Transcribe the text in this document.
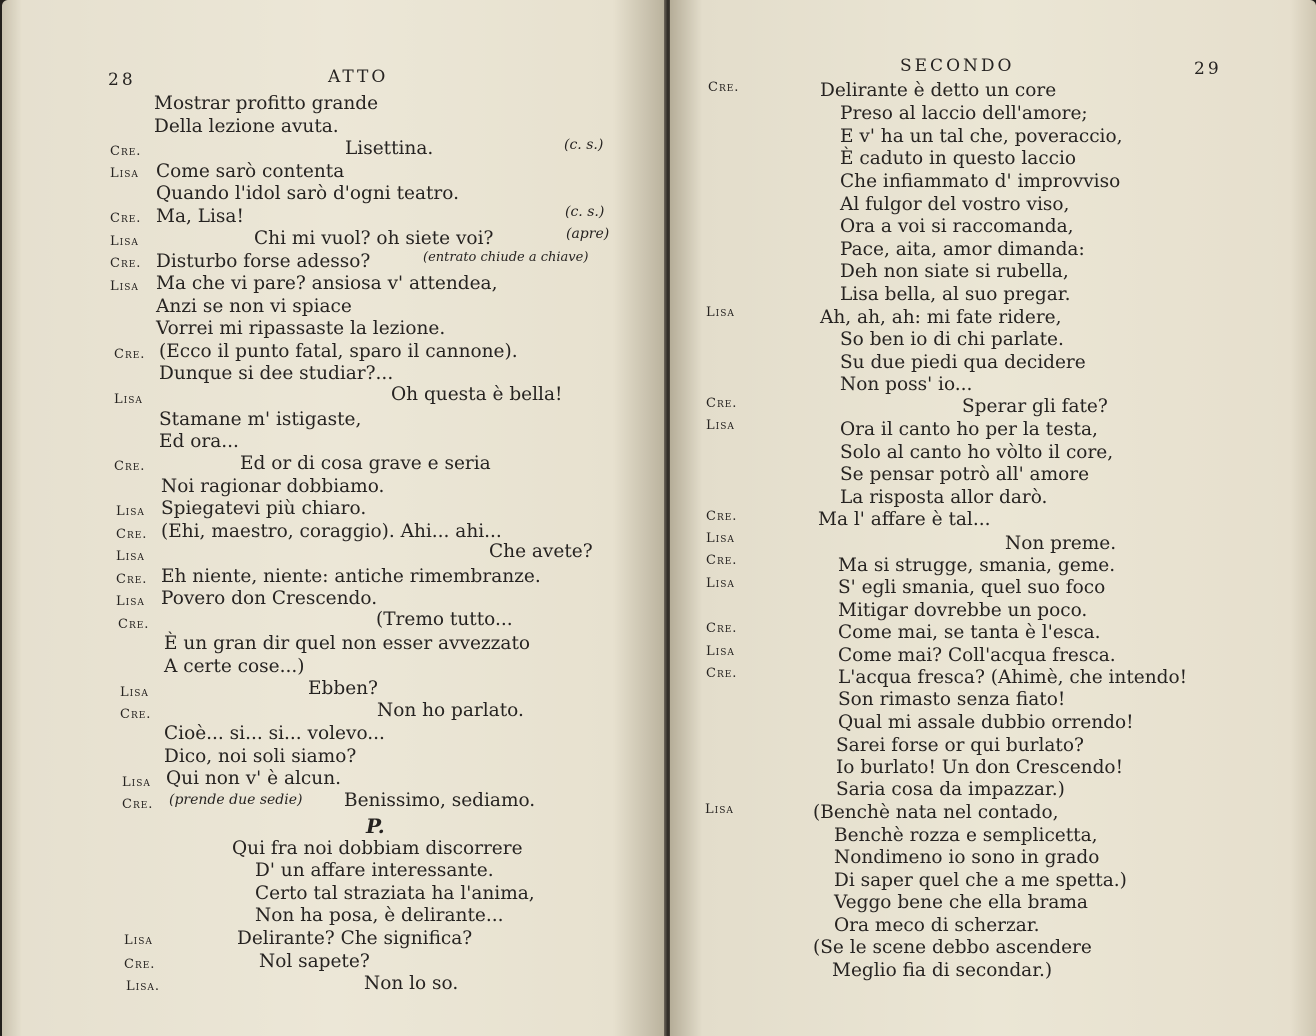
28	ATTO
Cre.
Lisa
Cre.
Lisa
Cre.
Lisa
Cre.
Lisa
Cre.
Lisa
Cre.
Lisa
Cre.
Lisa
Cre.
Lisa
Cre.
Lisa
Cre.
Lisa
Cre.
Lisa.
Mostrar profitto grande
Della lezione avuta.
Lisettina.
Come sarò contenta
Quando l'idol sarò d'ogni teatro.
Ma, Lisa!
Chi mi vuol? oh siete voi?
Disturbo forse adesso?
Ma che vi pare? ansiosa v' attendea,
Anzi se non vi spiace
Vorrei mi ripassaste la lezione.
(Ecco il punto fatal, sparo il cannone).
Dunque si dee studiar?...
Oh questa è bella!
Stamane m' istigaste,
Ed ora...
Ed or di cosa grave e seria
Noi ragionar dobbiamo.
Spiegatevi più chiaro.
(Ehi, maestro, coraggio). Ahi... ahi...
Che avete?
Eh niente, niente: antiche rimembranze.
Povero don Crescendo.
(Tremo tutto...
È un gran dir quel non esser avvezzato
A certe cose...)
Ebben?
Non ho parlato.
Cioè... si... si... volevo...
Dico, noi soli siamo?
Qui non v' è alcun.
Benissimo, sediamo.
P.
Qui fra noi dobbiam discorrere
D' un affare interessante.
Certo tal straziata ha l'anima,
Non ha posa, è delirante...
Delirante? Che significa?
Nol sapete?
Non lo so.
(c. s.)
(c. s.)
(apre)
(entrato chiude a chiave)
(prende due sedie)
SECONDO	29
Cre.
Lisa
Cre.
Lisa
Cre.
Lisa
Cre.
Lisa
Cre.
Lisa
Cre.
Lisa
Delirante è detto un core
Preso al laccio dell'amore;
E v' ha un tal che, poveraccio,
È caduto in questo laccio
Che infiammato d' improvviso
Al fulgor del vostro viso,
Ora a voi si raccomanda,
Pace, aita, amor dimanda:
Deh non siate si rubella,
Lisa bella, al suo pregar.
Ah, ah, ah: mi fate ridere,
So ben io di chi parlate.
Su due piedi qua decidere
Non poss' io...
Sperar gli fate?
Ora il canto ho per la testa,
Solo al canto ho vòlto il core,
Se pensar potrò all' amore
La risposta allor darò.
Ma l' affare è tal...
Non preme.
Ma si strugge, smania, geme.
S' egli smania, quel suo foco
Mitigar dovrebbe un poco.
Come mai, se tanta è l'esca.
Come mai? Coll'acqua fresca.
L'acqua fresca? (Ahimè, che intendo!
Son rimasto senza fiato!
Qual mi assale dubbio orrendo!
Sarei forse or qui burlato?
Io burlato! Un don Crescendo!
Saria cosa da impazzar.)
(Benchè nata nel contado,
Benchè rozza e semplicetta,
Nondimeno io sono in grado
Di saper quel che a me spetta.)
Veggo bene che ella brama
Ora meco di scherzar.
(Se le scene debbo ascendere
Meglio fia di secondar.)
